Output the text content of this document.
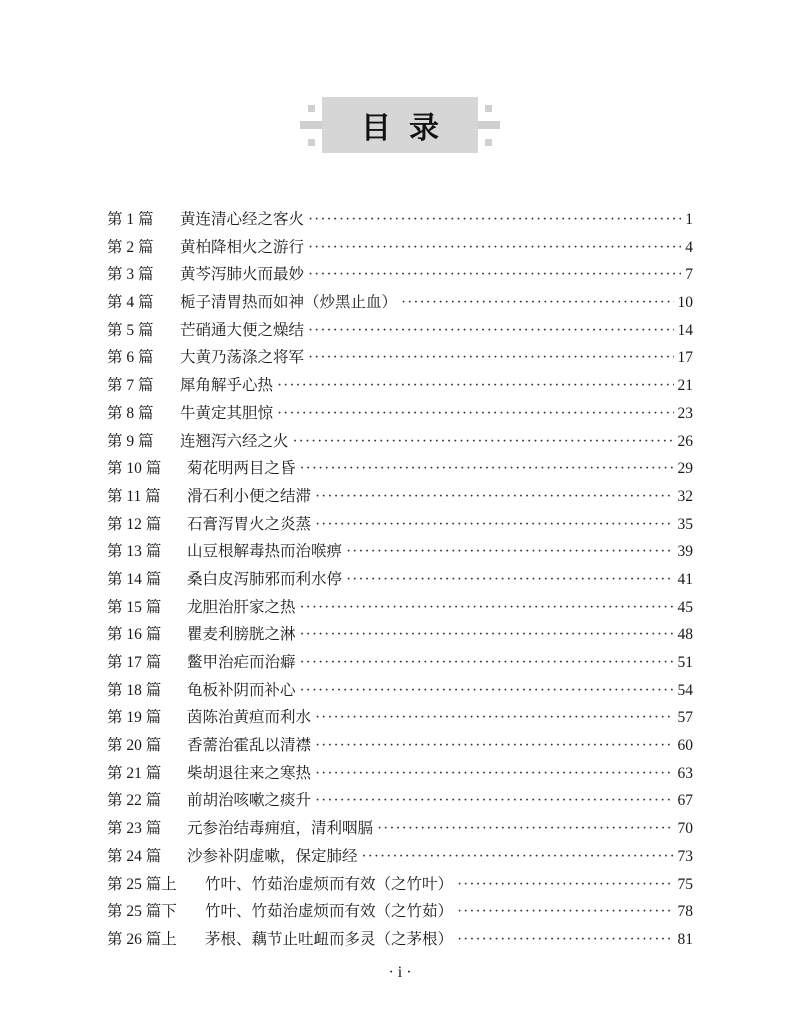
目录
第 1 篇	黄连清心经之客火 ·····	1
第 2 篇	黄柏降相火之游行 ·····	4
第 3 篇	黄芩泻肺火而最妙 ·····	7
第 4 篇	栀子清胃热而如神（炒黑止血） ·····	10
第 5 篇	芒硝通大便之燥结 ·····	14
第 6 篇	大黄乃荡涤之将军 ·····	17
第 7 篇	犀角解乎心热 ·····	21
第 8 篇	牛黄定其胆惊 ·····	23
第 9 篇	连翘泻六经之火 ·····	26
第 10 篇	菊花明两目之昏 ·····	29
第 11 篇	滑石利小便之结滞 ·····	32
第 12 篇	石膏泻胃火之炎蒸 ·····	35
第 13 篇	山豆根解毒热而治喉痹 ·····	39
第 14 篇	桑白皮泻肺邪而利水停 ·····	41
第 15 篇	龙胆治肝家之热 ·····	45
第 16 篇	瞿麦利膀胱之淋 ·····	48
第 17 篇	鳖甲治疟而治癖 ·····	51
第 18 篇	龟板补阴而补心 ·····	54
第 19 篇	茵陈治黄疸而利水 ·····	57
第 20 篇	香薷治霍乱以清襟 ·····	60
第 21 篇	柴胡退往来之寒热 ·····	63
第 22 篇	前胡治咳嗽之痰升 ·····	67
第 23 篇	元参治结毒痈疽，清利咽膈 ·····	70
第 24 篇	沙参补阴虚嗽，保定肺经 ·····	73
第 25 篇上	竹叶、竹茹治虚烦而有效（之竹叶） ·····	75
第 25 篇下	竹叶、竹茹治虚烦而有效（之竹茹） ·····	78
第 26 篇上	茅根、藕节止吐衄而多灵（之茅根） ·····	81
· i ·
